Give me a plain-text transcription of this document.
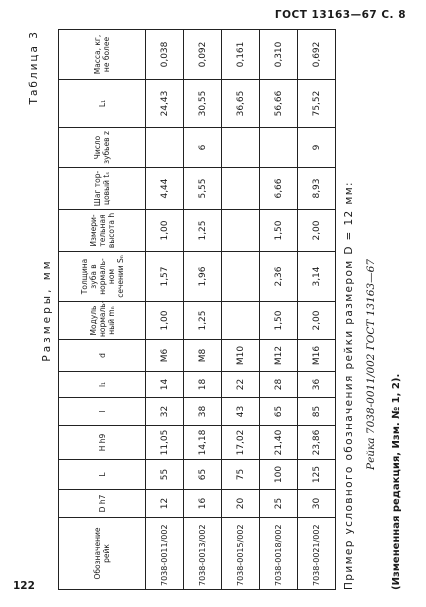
ГОСТ 13163—67 С. 8
122
Таблица 3
Размеры, мм
Обозначение рейк	D h7	L	H h9	l	l₁	d	Модуль нормаль-ный mₙ	Толщина зуба в нормаль-ном сечении Sₙ	Измери-тельная высота h	Шаг тор-цовый tₛ	Число зубьев z	L₁	Масса, кг, не более
7038-0011/002	12	55	11,05	32	14	M6	1,00	1,57	1,00	4,44		24,43	0,038
7038-0013/002	16	65	14,18	38	18	M8	1,25	1,96	1,25	5,55	6	30,55	0,092
7038-0015/002	20	75	17,02	43	22	M10						36,65	0,161
7038-0018/002	25	100	21,40	65	28	M12	1,50	2,36	1,50	6,66		56,66	0,310
7038-0021/002	30	125	23,86	85	36	M16	2,00	3,14	2,00	8,93	9	75,52	0,692
Пример условного обозначения рейки размером D = 12 мм: Рейка 7038-0011/002 ГОСТ 13163—67
(Измененная редакция, Изм. № 1, 2).
